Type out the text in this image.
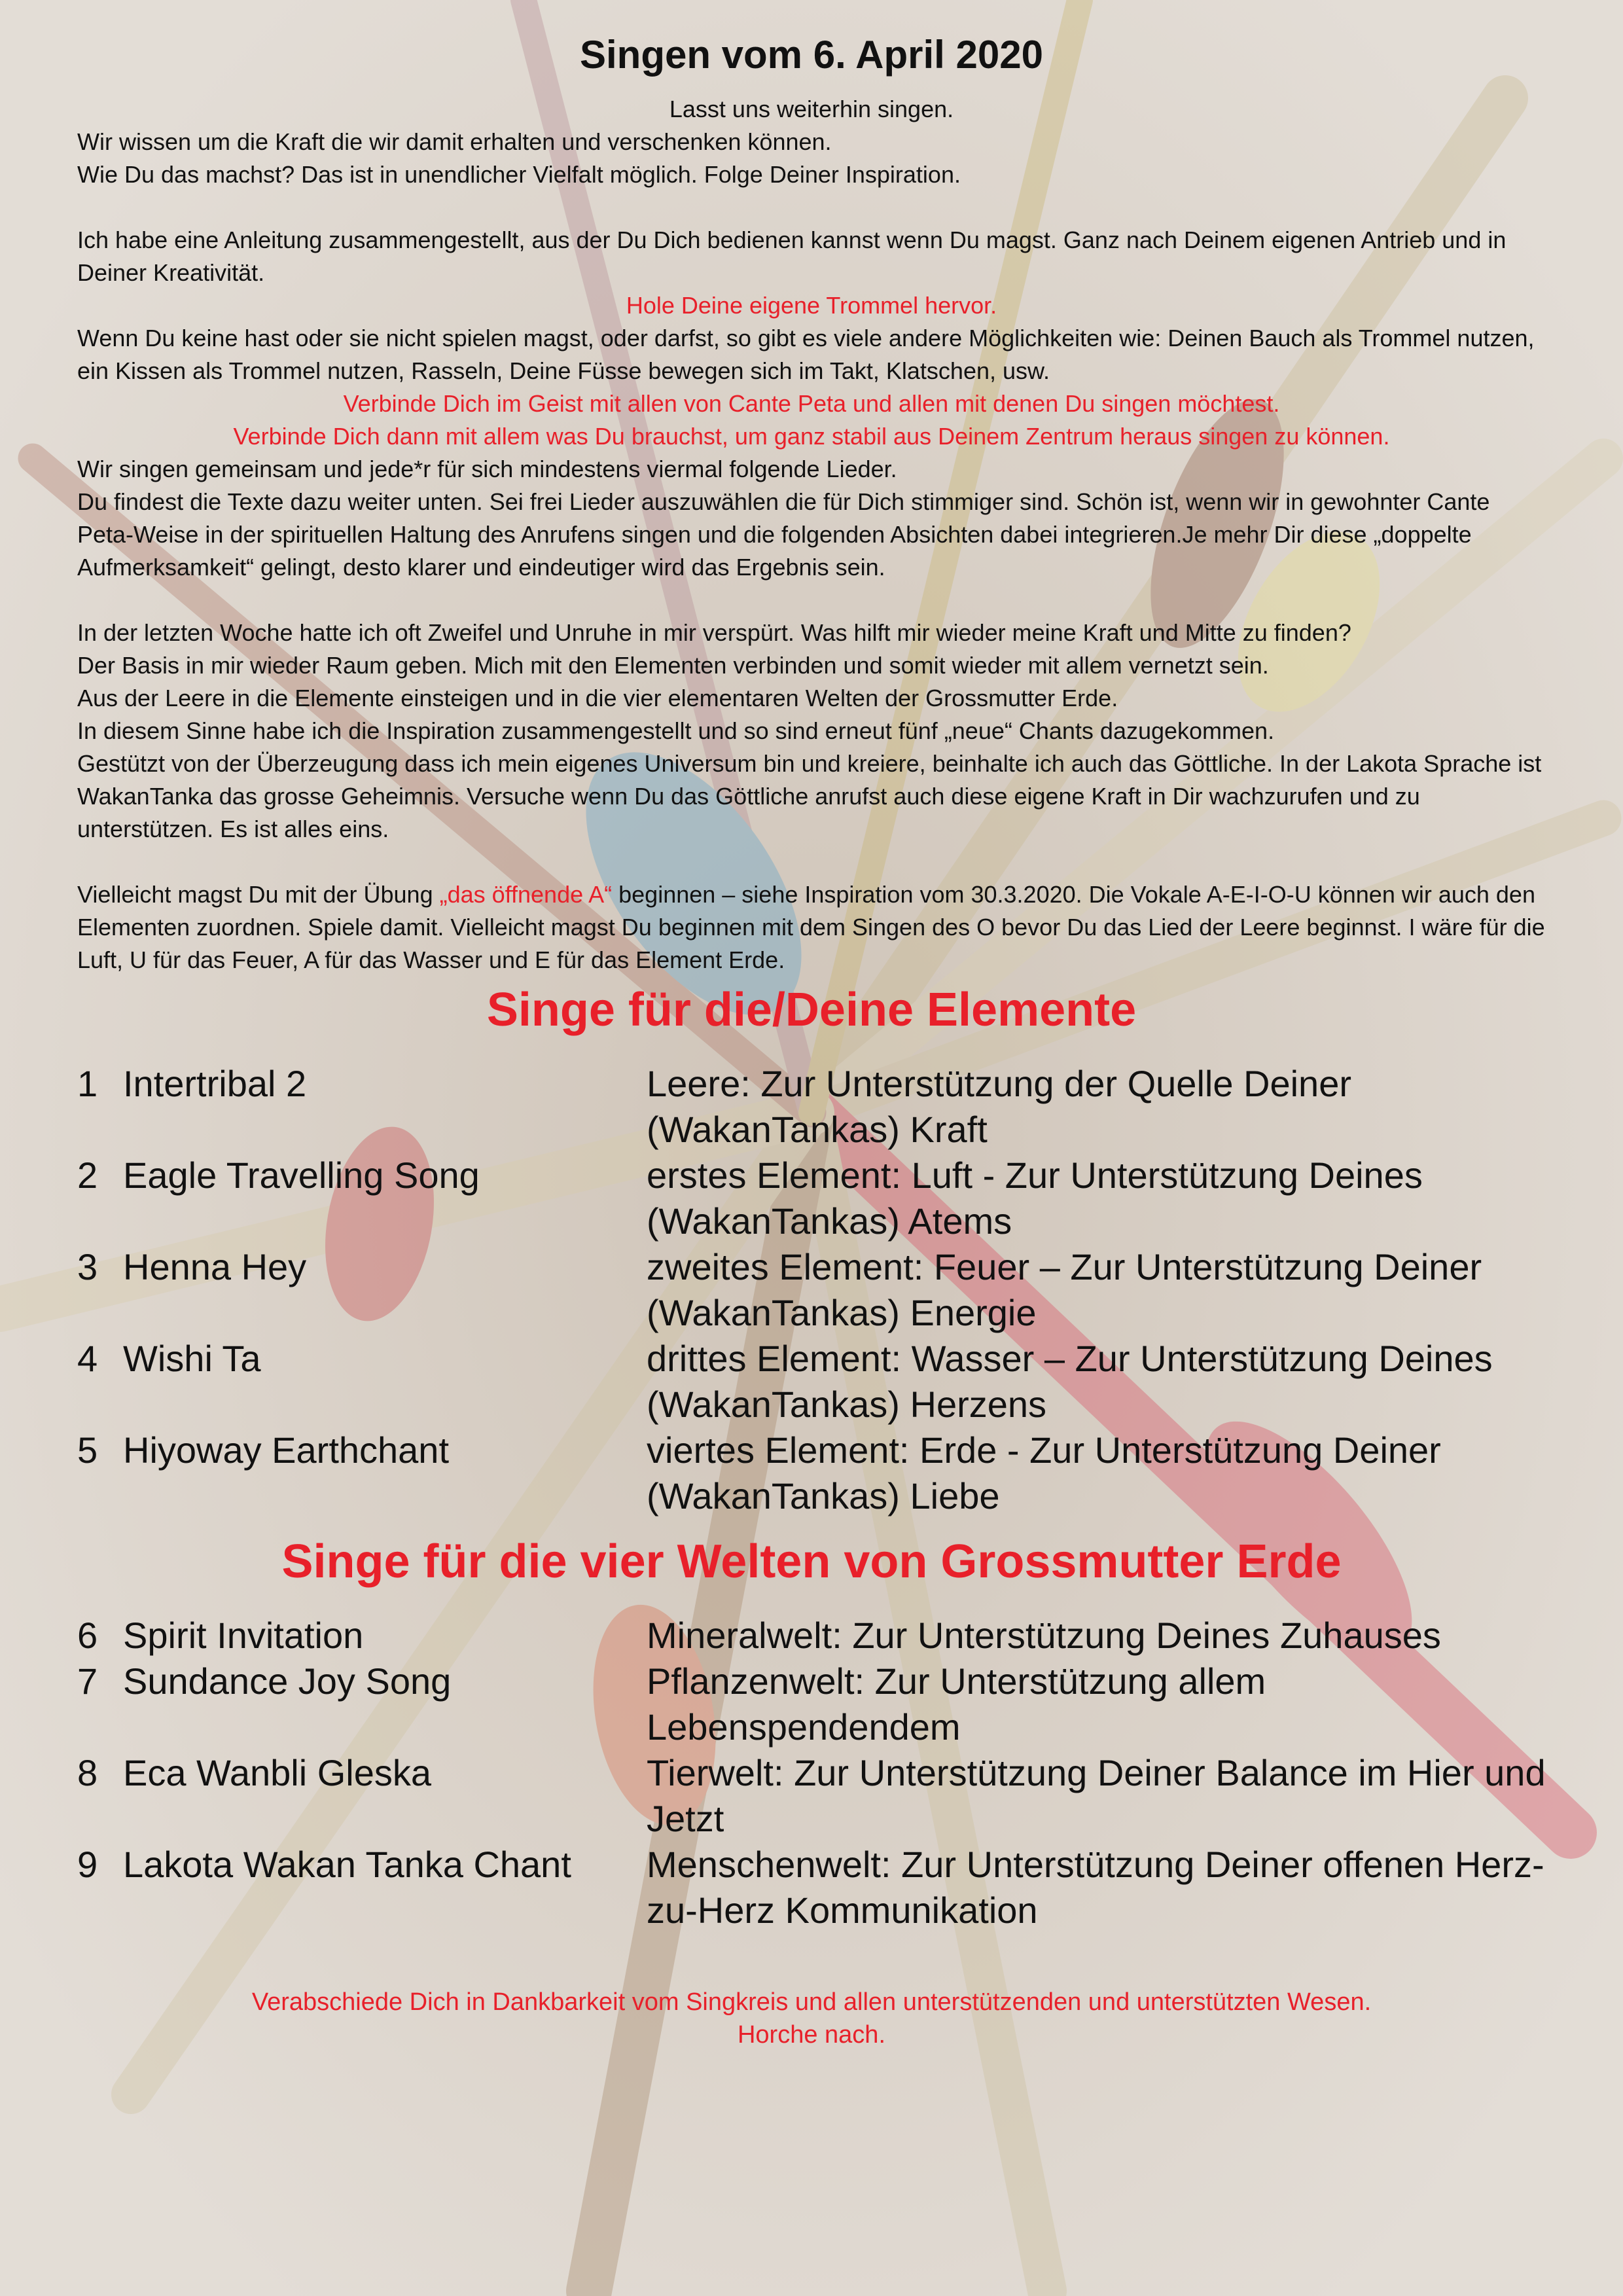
Singen vom 6. April 2020

Lasst uns weiterhin singen.

Wir wissen um die Kraft die wir damit erhalten und verschenken können.

Wie Du das machst? Das ist in unendlicher Vielfalt möglich. Folge Deiner Inspiration.

Ich habe eine Anleitung zusammengestellt, aus der Du Dich bedienen kannst wenn Du magst. Ganz nach Deinem eigenen Antrieb und in Deiner Kreativität.

Hole Deine eigene Trommel hervor.

Wenn Du keine hast oder sie nicht spielen magst, oder darfst, so gibt es viele andere Möglichkeiten wie: Deinen Bauch als Trommel nutzen, ein Kissen als Trommel nutzen, Rasseln, Deine Füsse bewegen sich im Takt, Klatschen, usw.

Verbinde Dich im Geist mit allen von Cante Peta und allen mit denen Du singen möchtest.

Verbinde Dich dann mit allem was Du brauchst, um ganz stabil aus Deinem Zentrum heraus singen zu können.

Wir singen gemeinsam und jede*r für sich mindestens viermal folgende Lieder.

Du findest die Texte dazu weiter unten. Sei frei Lieder auszuwählen die für Dich stimmiger sind. Schön ist, wenn wir in gewohnter Cante Peta-Weise in der spirituellen Haltung des Anrufens singen und die folgenden Absichten dabei integrieren.Je mehr Dir diese „doppelte Aufmerksamkeit“ gelingt, desto klarer und eindeutiger wird das Ergebnis sein.

In der letzten Woche hatte ich oft Zweifel und Unruhe in mir verspürt. Was hilft mir wieder meine Kraft und Mitte zu finden?

Der Basis in mir wieder Raum geben. Mich mit den Elementen verbinden und somit wieder mit allem vernetzt sein.

Aus der Leere in die Elemente einsteigen und in die vier elementaren Welten der Grossmutter Erde.

In diesem Sinne habe ich die Inspiration zusammengestellt und so sind erneut fünf „neue“ Chants dazugekommen.

Gestützt von der Überzeugung dass ich mein eigenes Universum bin und kreiere, beinhalte ich auch das Göttliche. In der Lakota Sprache ist WakanTanka das grosse Geheimnis. Versuche wenn Du das Göttliche anrufst auch diese eigene Kraft in Dir wachzurufen und zu unterstützen. Es ist alles eins.

Vielleicht magst Du mit der Übung „das öffnende A“ beginnen – siehe Inspiration vom 30.3.2020. Die Vokale A-E-I-O-U können wir auch den Elementen zuordnen. Spiele damit. Vielleicht magst Du beginnen mit dem Singen des O bevor Du das Lied der Leere beginnst. I wäre für die Luft, U für das Feuer, A für das Wasser und E für das Element Erde.

Singe für die/Deine Elemente
1 Intertribal 2	Leere: Zur Unterstützung der Quelle Deiner (WakanTankas) Kraft
2 Eagle Travelling Song	erstes Element: Luft - Zur Unterstützung Deines (WakanTankas) Atems
3 Henna Hey	zweites Element: Feuer – Zur Unterstützung Deiner (WakanTankas) Energie
4 Wishi Ta	drittes Element: Wasser – Zur Unterstützung Deines (WakanTankas) Herzens
5 Hiyoway Earthchant	viertes Element: Erde - Zur Unterstützung Deiner (WakanTankas) Liebe
Singe für die vier Welten von Grossmutter Erde
6 Spirit Invitation	Mineralwelt: Zur Unterstützung Deines Zuhauses
7 Sundance Joy Song	Pflanzenwelt: Zur Unterstützung allem Lebenspendendem
8 Eca Wanbli Gleska	Tierwelt: Zur Unterstützung Deiner Balance im Hier und Jetzt
9 Lakota Wakan Tanka Chant	Menschenwelt: Zur Unterstützung Deiner offenen Herz-zu-Herz Kommunikation
Verabschiede Dich in Dankbarkeit vom Singkreis und allen unterstützenden und unterstützten Wesen.
Horche nach.
